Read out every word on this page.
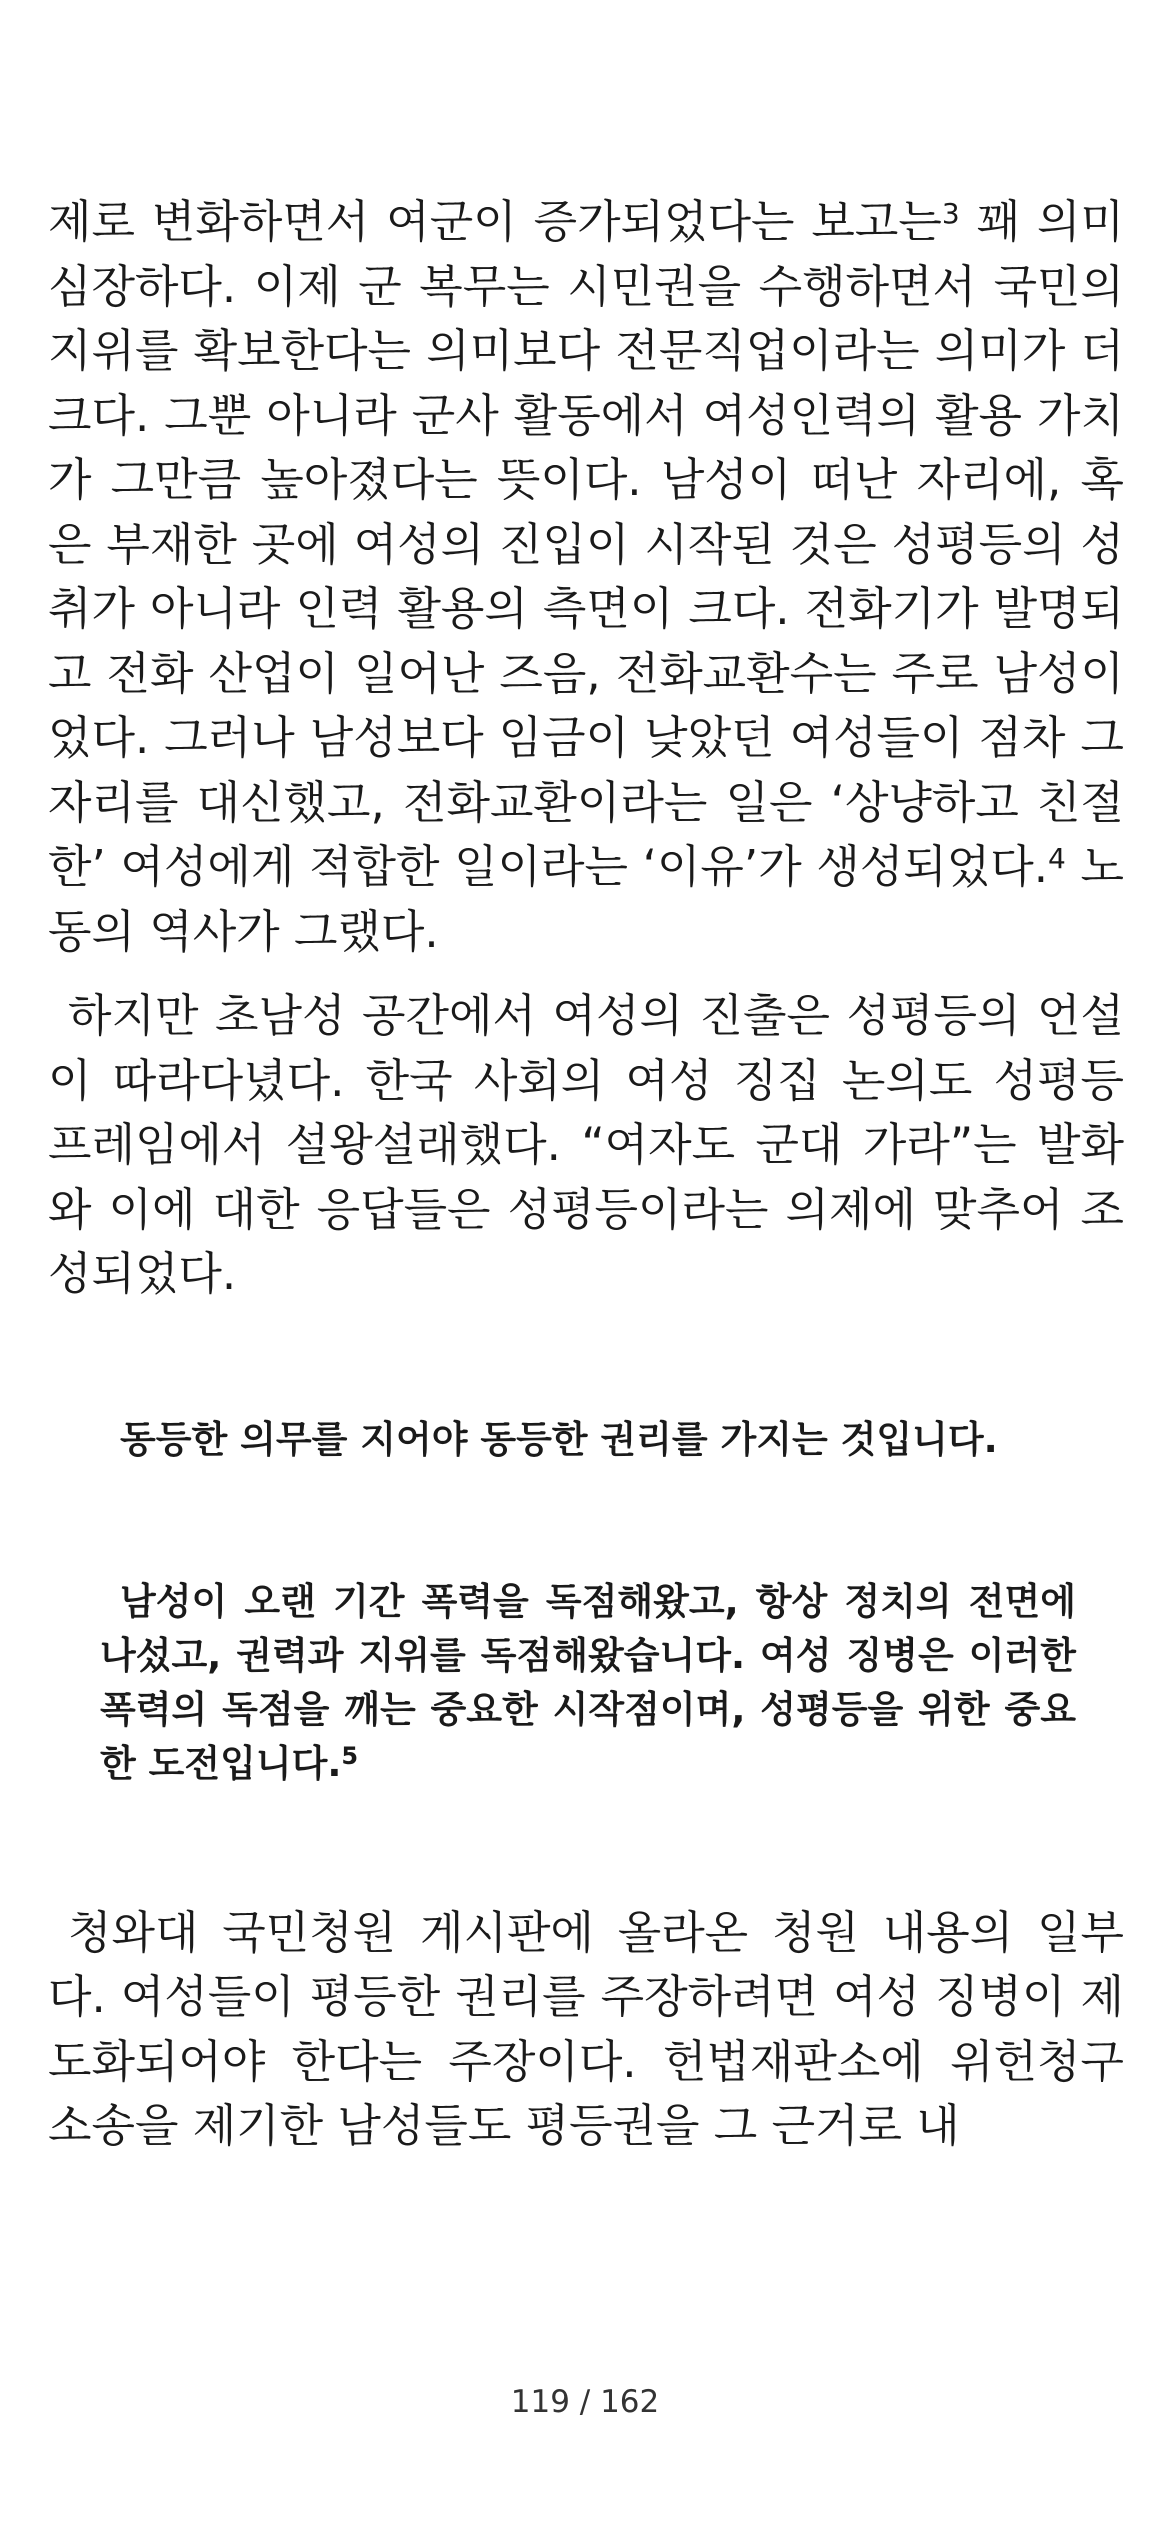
제로 변화하면서 여군이 증가되었다는 보고는$^3$ 꽤 의미심장하다. 이제 군 복무는 시민권을 수행하면서 국민의 지위를 확보한다는 의미보다 전문직업이라는 의미가 더 크다. 그뿐 아니라 군사 활동에서 여성인력의 활용 가치가 그만큼 높아졌다는 뜻이다. 남성이 떠난 자리에, 혹은 부재한 곳에 여성의 진입이 시작된 것은 성평등의 성취가 아니라 인력 활용의 측면이 크다. 전화기가 발명되고 전화 산업이 일어난 즈음, 전화교환수는 주로 남성이었다. 그러나 남성보다 임금이 낮았던 여성들이 점차 그 자리를 대신했고, 전화교환이라는 일은 ‘상냥하고 친절한’ 여성에게 적합한 일이라는 ‘이유’가 생성되었다.$^4$ 노동의 역사가 그랬다.

하지만 초남성 공간에서 여성의 진출은 성평등의 언설이 따라다녔다. 한국 사회의 여성 징집 논의도 성평등 프레임에서 설왕설래했다. “여자도 군대 가라”는 발화와 이에 대한 응답들은 성평등이라는 의제에 맞추어 조성되었다.

동등한 의무를 지어야 동등한 권리를 가지는 것입니다.

남성이 오랜 기간 폭력을 독점해왔고, 항상 정치의 전면에 나섰고, 권력과 지위를 독점해왔습니다. 여성 징병은 이러한 폭력의 독점을 깨는 중요한 시작점이며, 성평등을 위한 중요한 도전입니다.$^5$

청와대 국민청원 게시판에 올라온 청원 내용의 일부다. 여성들이 평등한 권리를 주장하려면 여성 징병이 제도화되어야 한다는 주장이다. 헌법재판소에 위헌청구 소송을 제기한 남성들도 평등권을 그 근거로 내

119 / 162
